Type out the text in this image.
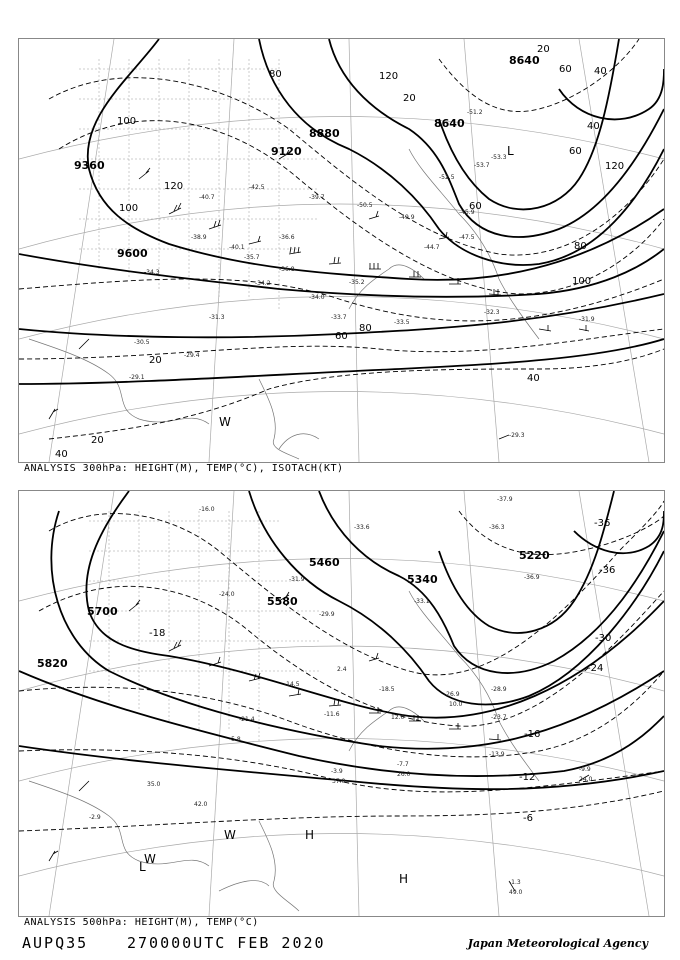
8640
8640
8880
9120
9360
9600
20
40
60
80
100
120
120
20
40
60
80
100
120
100
80
60
40
20
20
40
60
L
W
-53.3
-53.7
-51.2
-52.5
-47.5
-45.9
-49.9
-50.5
-44.7
-42.5
-40.1
-38.9
-36.8
-35.7
-34.3
-34.2
-33.7
-33.5
-32.3
-31.3	-31.9
-30.5
-29.4
-29.3
-29.1
-34.0
-35.2
-36.6
-39.7
-40.7
ANALYSIS 300hPa: HEIGHT(M), TEMP(°C), ISOTACH(KT)
5220
5340
5460
5580
5700
5820
-36
-36
-30
-24
-18
-16
-12
-6
W	H
W
L
H
-37.9
-36.9
-36.3
-33.6
-33.1
-31.9
-29.9
-28.9
-26.9
-24.0
-23.7
-21.4
-18.5
-16.0
-14.5
-13.9
-11.6
-9.9
-7.7
-5.8
-3.9
-2.9
-1.3
49.0
42.0
37.0
35.0
26.0
24.0
12.0
10.0
2.4
ANALYSIS 500hPa: HEIGHT(M), TEMP(°C)
AUPQ35	270000UTC FEB 2020	Japan Meteorological Agency
